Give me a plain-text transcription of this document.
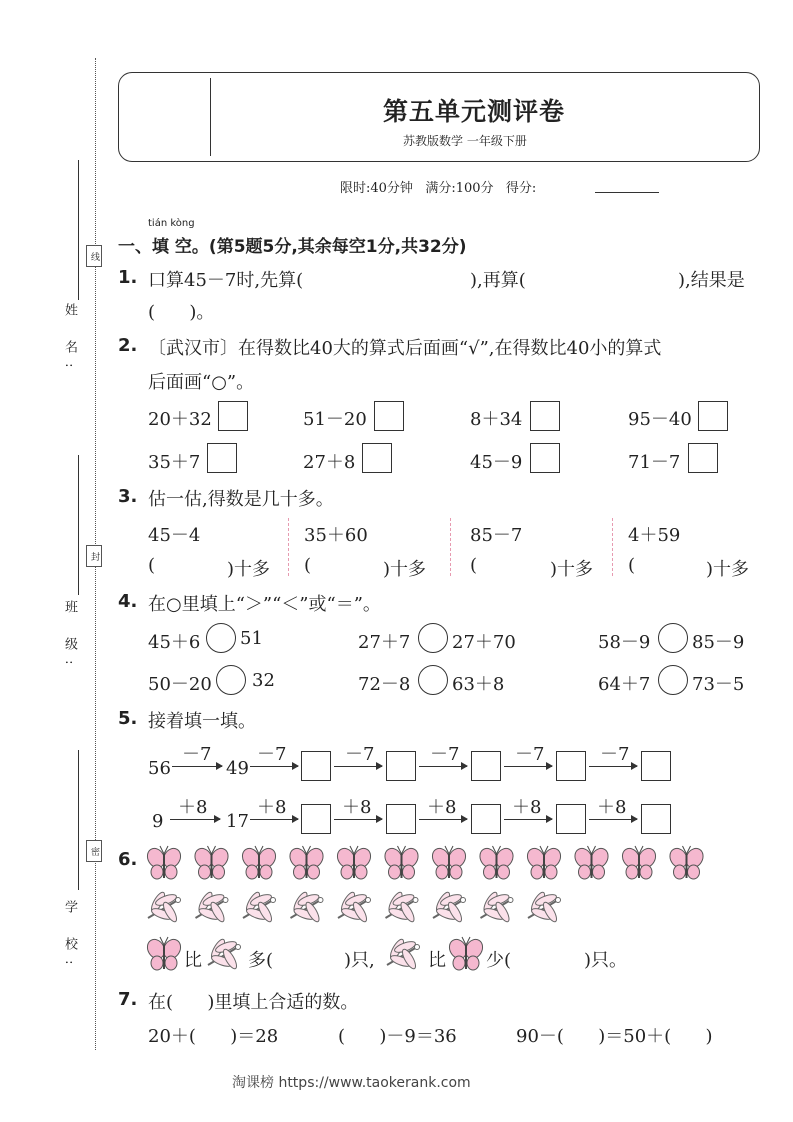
姓 名:
线
班 级:
封
学 校:
密
第五单元测评卷
苏教版数学 一年级下册
限时:40分钟   满分:100分   得分:
tián kòng
一、填 空。(第5题5分,其余每空1分,共32分)
1. 口算45－7时,先算(	),再算(	),结果是
(      )。
2. 〔武汉市〕在得数比40大的算式后面画“√”,在得数比40小的算式
后面画“○”。
20＋32	51－20	8＋34	95－40
35＋7	27＋8	45－9	71－7
3. 估一估,得数是几十多。
45－4	35＋60	85－7	4＋59
(	)十多 (	)十多 (	)十多 (	)十多
4. 在○里填上“＞”“＜”或“＝”。
45＋6 51	27＋7 27＋70	58－9 85－9
50－20 32	72－8 63＋8	64＋7 73－5
5. 接着填一填。
56
－7
49
－7	－7	－7	－7	－7
9
＋8
17
＋8	＋8	＋8	＋8	＋8
6.
比	多(	)只,	比 少(	)只。
7. 在(      )里填上合适的数。
20＋(      )＝28	(      )－9＝36	90－(      )＝50＋(      )
淘课榜 https://www.taokerank.com
